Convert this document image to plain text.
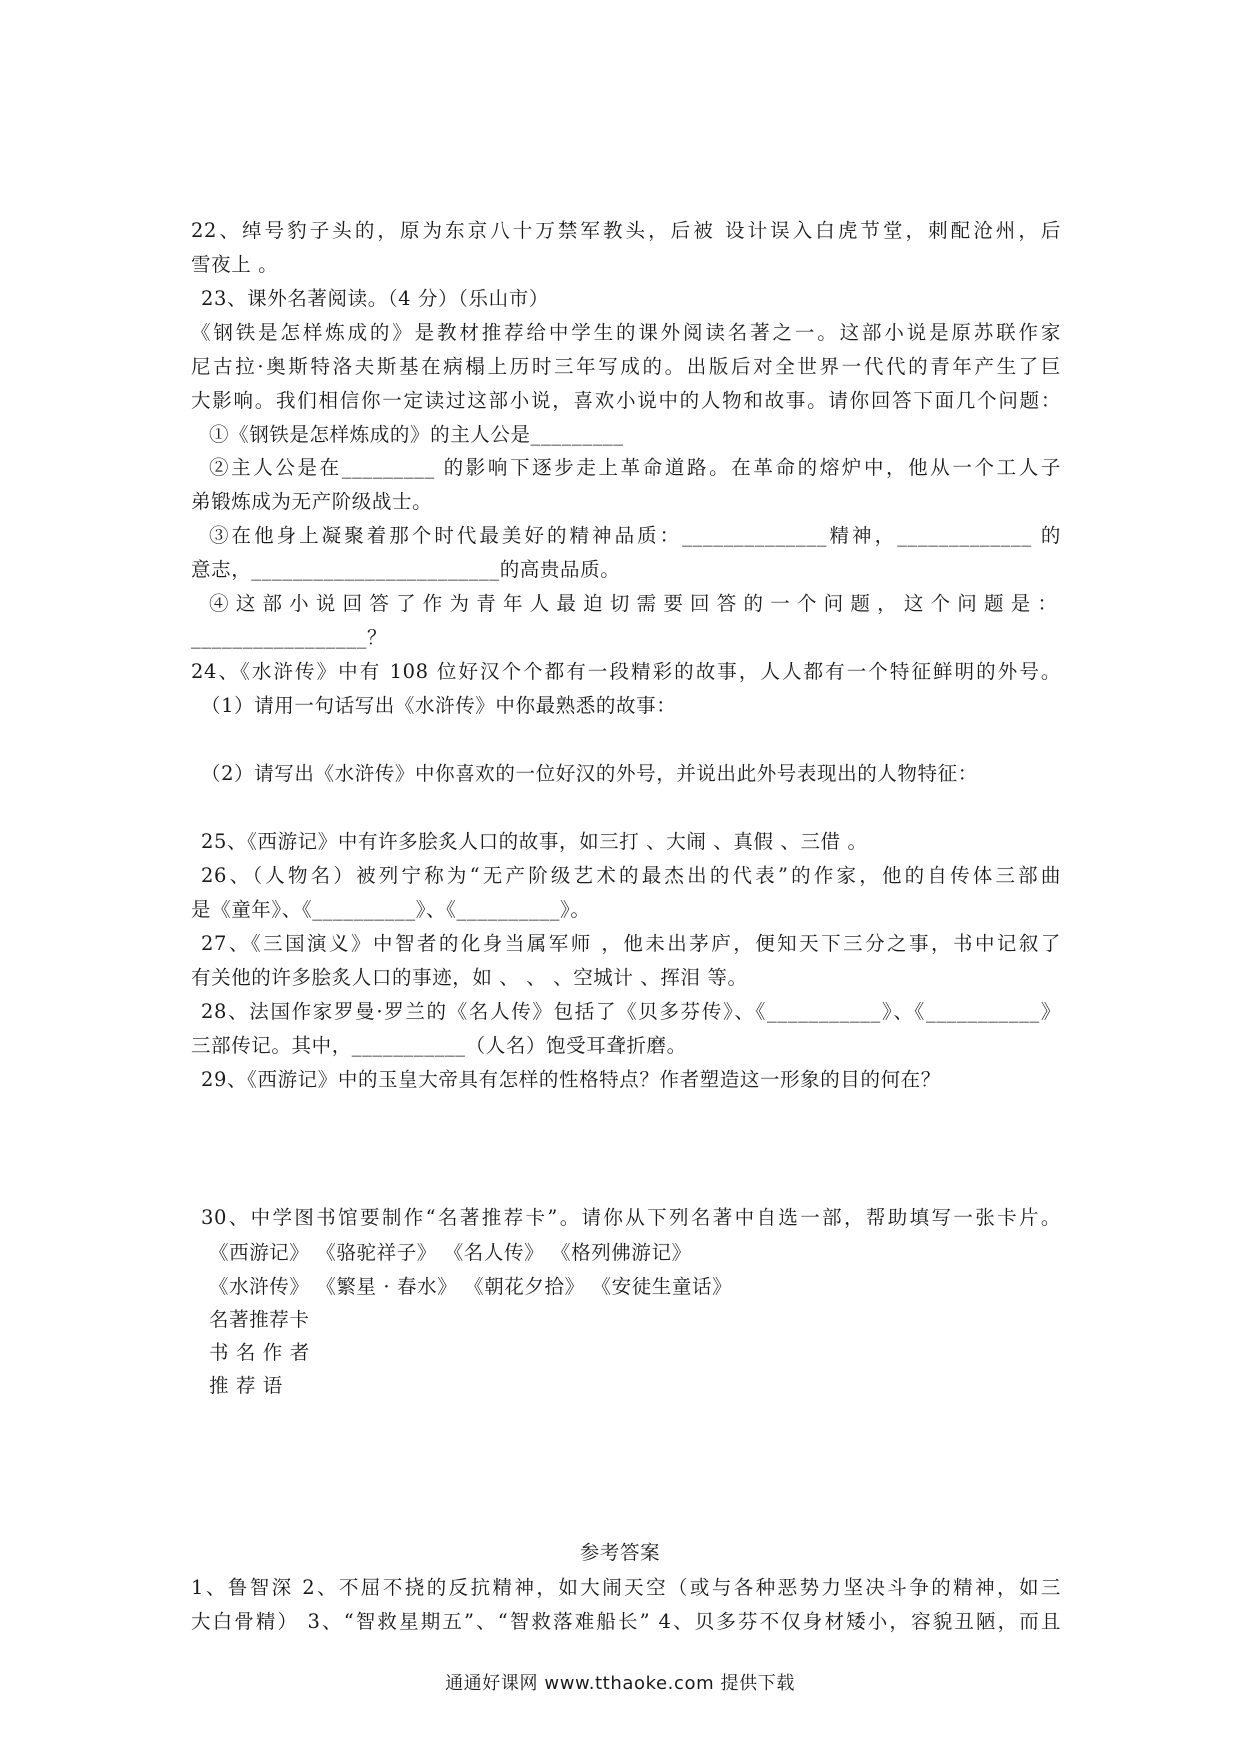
22、绰号豹子头的，原为东京八十万禁军教头，后被 设计误入白虎节堂，刺配沧州，后
雪夜上 。
23、课外名著阅读。（4 分）（乐山市）
《钢铁是怎样炼成的》是教材推荐给中学生的课外阅读名著之一。这部小说是原苏联作家
尼古拉·奥斯特洛夫斯基在病榻上历时三年写成的。出版后对全世界一代代的青年产生了巨
大影响。我们相信你一定读过这部小说，喜欢小说中的人物和故事。请你回答下面几个问题：
①《钢铁是怎样炼成的》的主人公是_________
②主人公是在_________ 的影响下逐步走上革命道路。在革命的熔炉中，他从一个工人子
弟锻炼成为无产阶级战士。
③在他身上凝聚着那个时代最美好的精神品质：______________精神，_____________ 的
意志，________________________的高贵品质。
④这部小说回答了作为青年人最迫切需要回答的一个问题，这个问题是：
_________________？
24、《水浒传》中有 108 位好汉个个都有一段精彩的故事，人人都有一个特征鲜明的外号。
（1）请用一句话写出《水浒传》中你最熟悉的故事：
（2）请写出《水浒传》中你喜欢的一位好汉的外号，并说出此外号表现出的人物特征：
25、《西游记》中有许多脍炙人口的故事，如三打 、大闹 、真假 、三借 。
26、（人物名）被列宁称为“无产阶级艺术的最杰出的代表”的作家，他的自传体三部曲
是《童年》、《__________》、《__________》。
27、《三国演义》中智者的化身当属军师 ，他未出茅庐，便知天下三分之事，书中记叙了
有关他的许多脍炙人口的事迹，如 、 、 、空城计 、挥泪 等。
28、法国作家罗曼·罗兰的《名人传》包括了《贝多芬传》、《___________》、《___________》
三部传记。其中，___________（人名）饱受耳聋折磨。
29、《西游记》中的玉皇大帝具有怎样的性格特点？作者塑造这一形象的目的何在？
30、中学图书馆要制作“名著推荐卡”。请你从下列名著中自选一部，帮助填写一张卡片。
《西游记》 《骆驼祥子》 《名人传》 《格列佛游记》
《水浒传》 《繁星 · 春水》 《朝花夕拾》 《安徒生童话》
名著推荐卡
书 名 作 者
推 荐 语
参考答案
1、鲁智深 2、不屈不挠的反抗精神，如大闹天空（或与各种恶势力坚决斗争的精神，如三
大白骨精） 3、“智救星期五”、“智救落难船长” 4、贝多芬不仅身材矮小，容貌丑陋，而且
通通好课网 www.tthaoke.com 提供下载
